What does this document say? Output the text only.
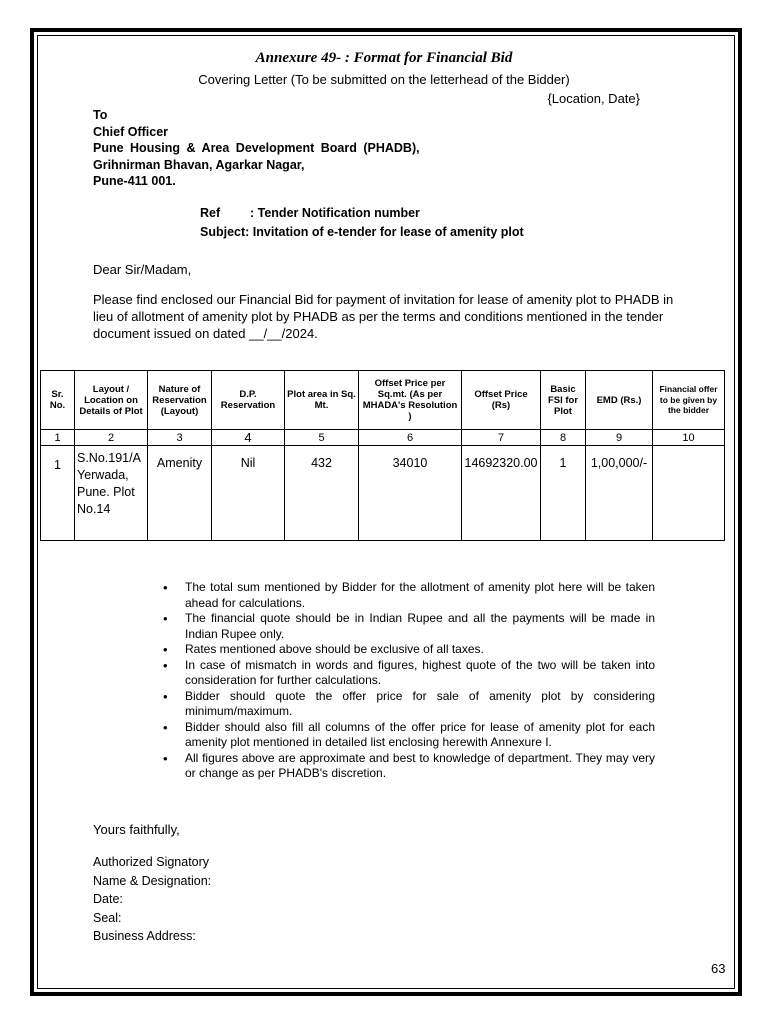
Annexure 49- : Format for Financial Bid
Covering Letter (To be submitted on the letterhead of the Bidder)
{Location, Date}
To
Chief Officer
Pune Housing & Area Development Board (PHADB),
Grihnirman Bhavan, Agarkar Nagar,
Pune-411 001.
Ref : Tender Notification number
Subject: Invitation of e-tender for lease of amenity plot
Dear Sir/Madam,
Please find enclosed our Financial Bid for payment of invitation for lease of amenity plot to PHADB in lieu of allotment of amenity plot by PHADB as per the terms and conditions mentioned in the tender document issued on dated __/__/2024.
Sr. No.	Layout / Location on Details of Plot	Nature of Reservation (Layout)	D.P. Reservation	Plot area in Sq. Mt.	Offset Price per Sq.mt. (As per MHADA's Resolution )	Offset Price (Rs)	Basic FSI for Plot	EMD (Rs.)	Financial offer to be given by the bidder
1	2	3	4	5	6	7	8	9	10
1	S.No.191/A Yerwada, Pune. Plot No.14	Amenity	Nil	432	34010	14692320.00	1	1,00,000/-	
• The total sum mentioned by Bidder for the allotment of amenity plot here will be taken ahead for calculations.
• The financial quote should be in Indian Rupee and all the payments will be made in Indian Rupee only.
• Rates mentioned above should be exclusive of all taxes.
• In case of mismatch in words and figures, highest quote of the two will be taken into consideration for further calculations.
• Bidder should quote the offer price for sale of amenity plot by considering minimum/maximum.
• Bidder should also fill all columns of the offer price for lease of amenity plot for each amenity plot mentioned in detailed list enclosing herewith Annexure I.
• All figures above are approximate and best to knowledge of department. They may very or change as per PHADB's discretion.
Yours faithfully,
Authorized Signatory
Name & Designation:
Date:
Seal:
Business Address:
63
